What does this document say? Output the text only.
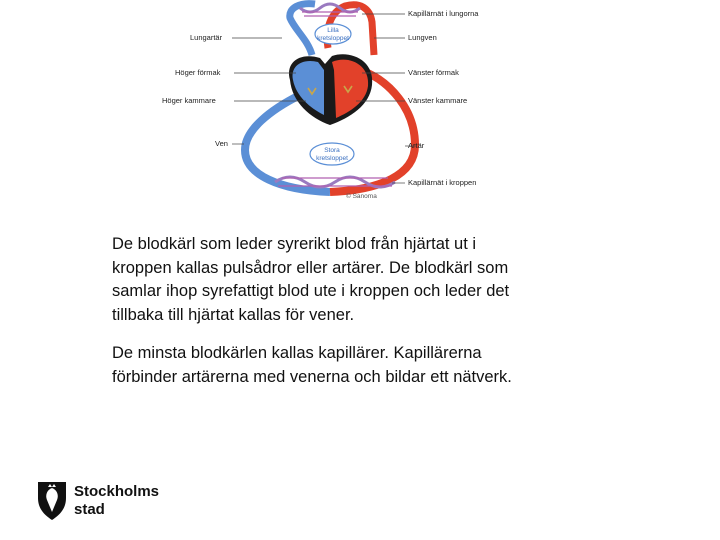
Lilla
kretsloppet
Stora
kretsloppet
Lungartär
Höger förmak
Höger kammare
Ven
Kapillärnät i lungorna
Lungven
Vänster förmak
Vänster kammare
Artär
Kapillärnät i kroppen
© Sanoma

De blodkärl som leder syrerikt blod från hjärtat ut i
kroppen kallas pulsådror eller artärer. De blodkärl som
samlar ihop syrefattigt blod ute i kroppen och leder det
tillbaka till hjärtat kallas för vener.

De minsta blodkärlen kallas kapillärer. Kapillärerna
förbinder artärerna med venerna och bildar ett nätverk.

Stockholms
stad
